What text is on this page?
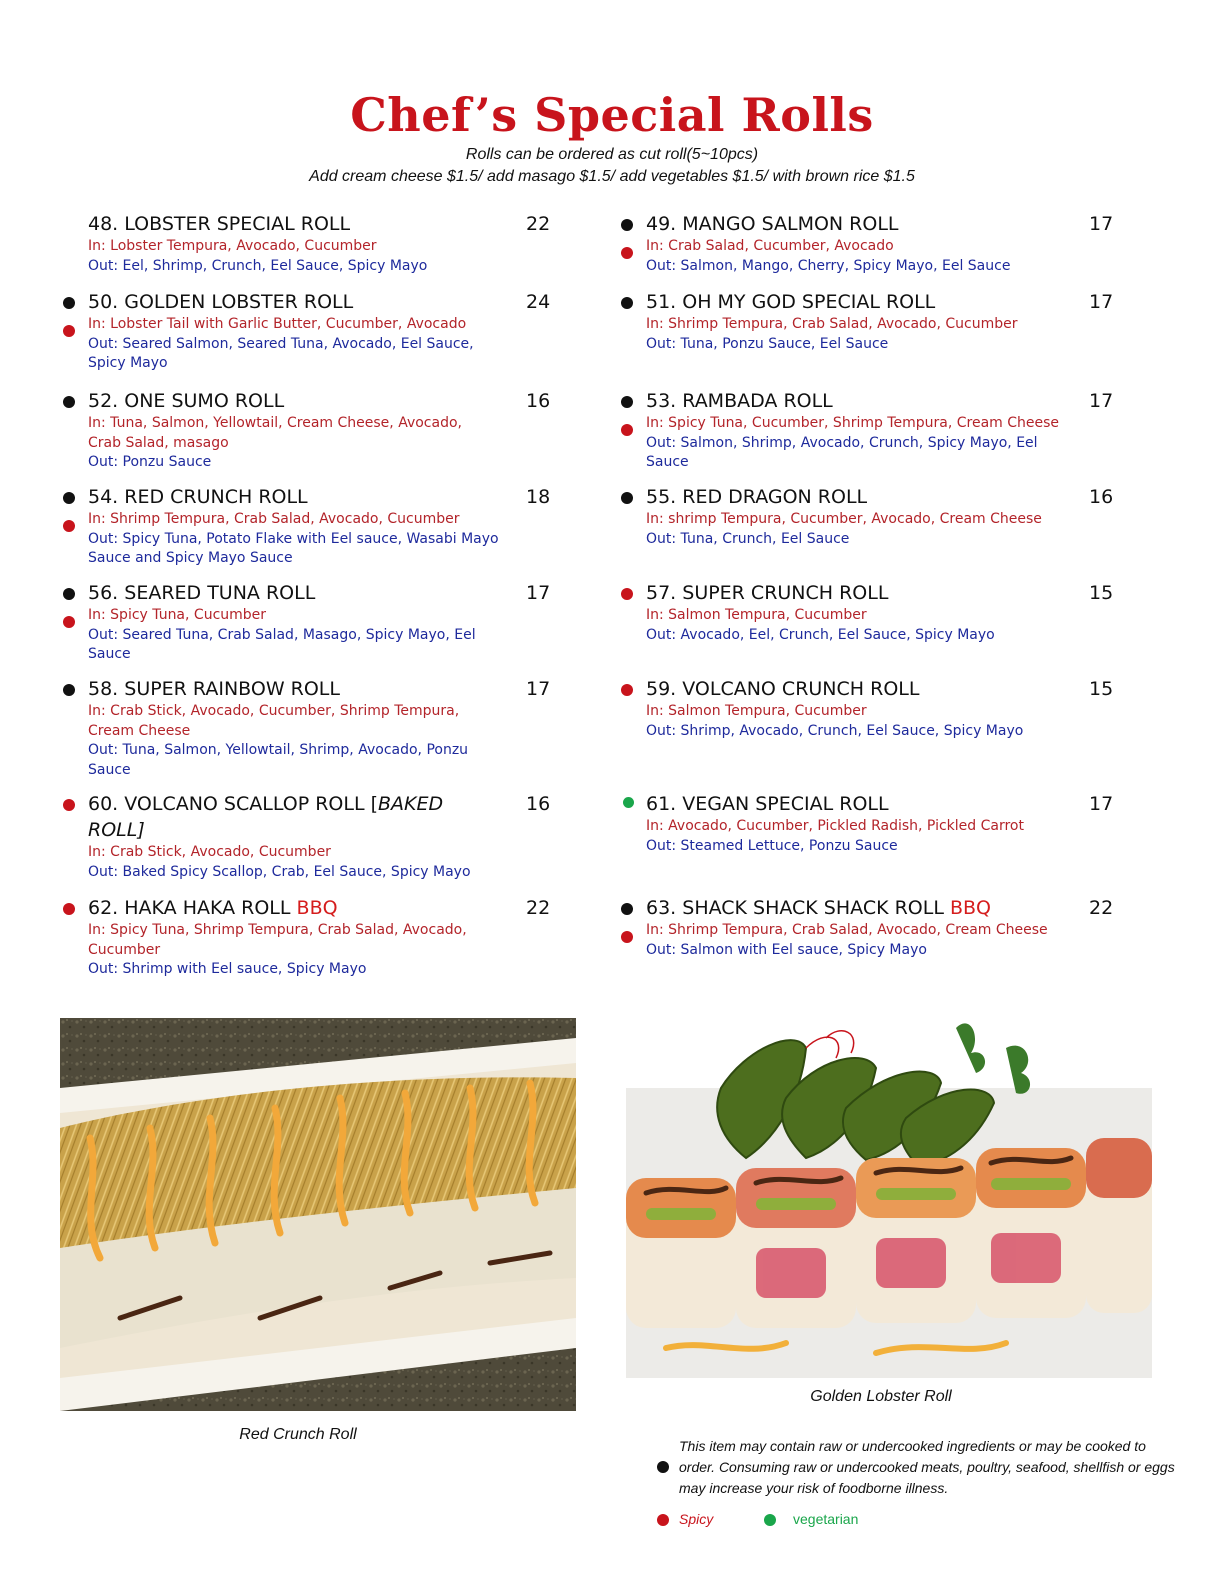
Chef’s Special Rolls
Rolls can be ordered as cut roll(5~10pcs)
Add cream cheese $1.5/ add masago $1.5/ add vegetables $1.5/ with brown rice $1.5
48. LOBSTER SPECIAL ROLL	22
In: Lobster Tempura, Avocado, Cucumber
Out: Eel, Shrimp, Crunch, Eel Sauce, Spicy Mayo
50. GOLDEN LOBSTER ROLL	24
In: Lobster Tail with Garlic Butter, Cucumber, Avocado
Out: Seared Salmon, Seared Tuna, Avocado, Eel Sauce, Spicy Mayo
52. ONE SUMO ROLL	16
In: Tuna, Salmon, Yellowtail, Cream Cheese, Avocado, Crab Salad, masago
Out: Ponzu Sauce
54. RED CRUNCH ROLL	18
In: Shrimp Tempura, Crab Salad, Avocado, Cucumber
Out: Spicy Tuna, Potato Flake with Eel sauce, Wasabi Mayo Sauce and Spicy Mayo Sauce
56. SEARED TUNA ROLL	17
In: Spicy Tuna, Cucumber
Out: Seared Tuna, Crab Salad, Masago, Spicy Mayo, Eel Sauce
58. SUPER RAINBOW ROLL	17
In: Crab Stick, Avocado, Cucumber, Shrimp Tempura, Cream Cheese
Out: Tuna, Salmon, Yellowtail, Shrimp, Avocado, Ponzu Sauce
60. VOLCANO SCALLOP ROLL [BAKED ROLL]
16
In: Crab Stick, Avocado, Cucumber
Out: Baked Spicy Scallop, Crab, Eel Sauce, Spicy Mayo
62. HAKA HAKA ROLL BBQ	22
In: Spicy Tuna, Shrimp Tempura, Crab Salad, Avocado, Cucumber
Out: Shrimp with Eel sauce, Spicy Mayo
49. MANGO SALMON ROLL	17
In: Crab Salad, Cucumber, Avocado
Out: Salmon, Mango, Cherry, Spicy Mayo, Eel Sauce
51. OH MY GOD SPECIAL ROLL	17
In: Shrimp Tempura, Crab Salad, Avocado, Cucumber
Out: Tuna, Ponzu Sauce, Eel Sauce
53. RAMBADA ROLL	17
In: Spicy Tuna, Cucumber, Shrimp Tempura, Cream Cheese
Out: Salmon, Shrimp, Avocado, Crunch, Spicy Mayo, Eel Sauce
55. RED DRAGON ROLL	16
In: shrimp Tempura, Cucumber, Avocado, Cream Cheese
Out: Tuna, Crunch, Eel Sauce
57. SUPER CRUNCH ROLL	15
In: Salmon Tempura, Cucumber
Out: Avocado, Eel, Crunch, Eel Sauce, Spicy Mayo
59. VOLCANO CRUNCH ROLL	15
In: Salmon Tempura, Cucumber
Out: Shrimp, Avocado, Crunch, Eel Sauce, Spicy Mayo
61. VEGAN SPECIAL ROLL	17
In: Avocado, Cucumber, Pickled Radish, Pickled Carrot
Out: Steamed Lettuce, Ponzu Sauce
63. SHACK SHACK SHACK ROLL BBQ	22
In: Shrimp Tempura, Crab Salad, Avocado, Cream Cheese
Out: Salmon with Eel sauce, Spicy Mayo
Red Crunch Roll
Golden Lobster Roll
This item may contain raw or undercooked ingredients or may be cooked to order. Consuming raw or undercooked meats, poultry, seafood, shellfish or eggs may increase your risk of foodborne illness.
Spicy	vegetarian
